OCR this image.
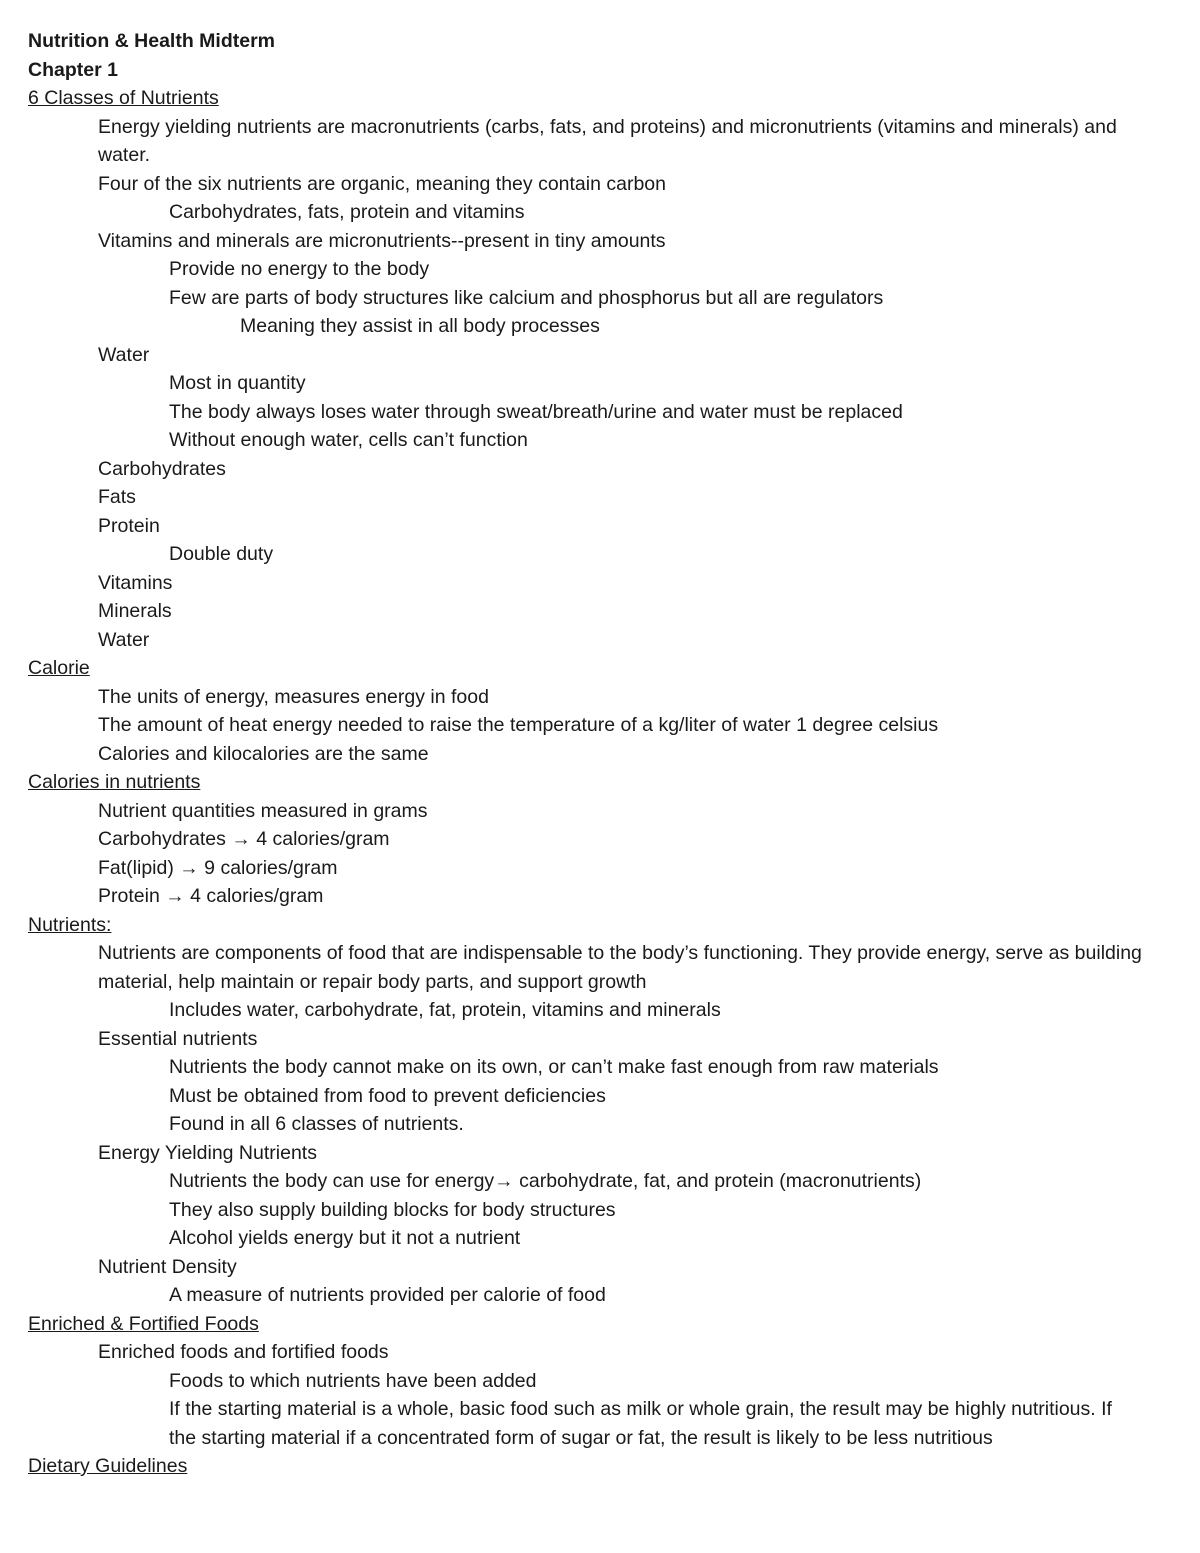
Nutrition & Health Midterm
Chapter 1
6 Classes of Nutrients
Energy yielding nutrients are macronutrients (carbs, fats, and proteins) and micronutrients (vitamins and minerals) and water.
Four of the six nutrients are organic, meaning they contain carbon
Carbohydrates, fats, protein and vitamins
Vitamins and minerals are micronutrients--present in tiny amounts
Provide no energy to the body
Few are parts of body structures like calcium and phosphorus but all are regulators
Meaning they assist in all body processes
Water
Most in quantity
The body always loses water through sweat/breath/urine and water must be replaced
Without enough water, cells can’t function
Carbohydrates
Fats
Protein
Double duty
Vitamins
Minerals
Water
Calorie
The units of energy, measures energy in food
The amount of heat energy needed to raise the temperature of a kg/liter of water 1 degree celsius
Calories and kilocalories are the same
Calories in nutrients
Nutrient quantities measured in grams
Carbohydrates → 4 calories/gram
Fat(lipid) → 9 calories/gram
Protein → 4 calories/gram
Nutrients:
Nutrients are components of food that are indispensable to the body’s functioning. They provide energy, serve as building material, help maintain or repair body parts, and support growth
Includes water, carbohydrate, fat, protein, vitamins and minerals
Essential nutrients
Nutrients the body cannot make on its own, or can’t make fast enough from raw materials
Must be obtained from food to prevent deficiencies
Found in all 6 classes of nutrients.
Energy Yielding Nutrients
Nutrients the body can use for energy→ carbohydrate, fat, and protein (macronutrients)
They also supply building blocks for body structures
Alcohol yields energy but it not a nutrient
Nutrient Density
A measure of nutrients provided per calorie of food
Enriched & Fortified Foods
Enriched foods and fortified foods
Foods to which nutrients have been added
If the starting material is a whole, basic food such as milk or whole grain, the result may be highly nutritious. If the starting material if a concentrated form of sugar or fat, the result is likely to be less nutritious
Dietary Guidelines
